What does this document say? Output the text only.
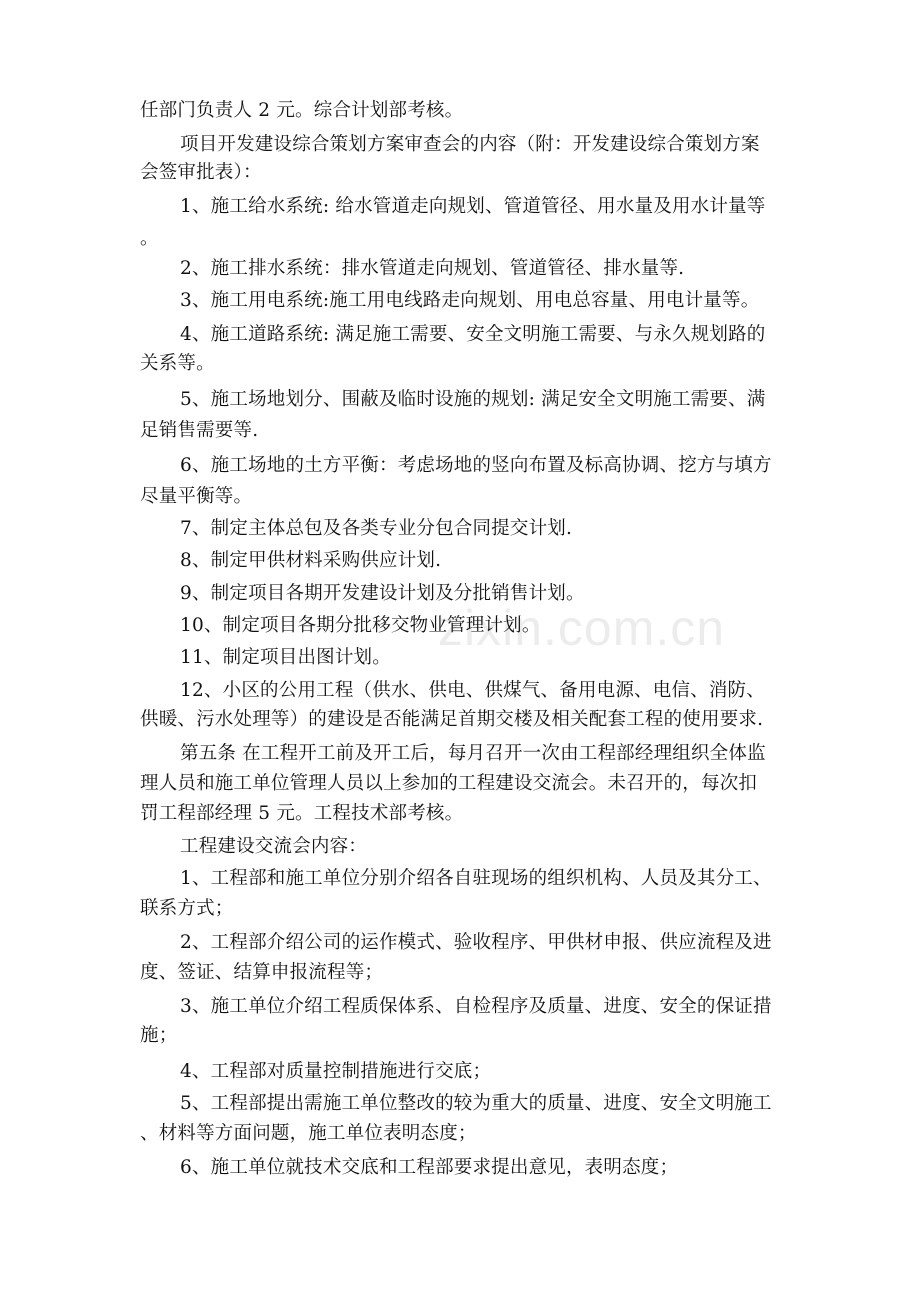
任部门负责人 2 元。综合计划部考核。
项目开发建设综合策划方案审查会的内容（附：开发建设综合策划方案
会签审批表）：
1、施工给水系统: 给水管道走向规划、管道管径、用水量及用水计量等
。
2、施工排水系统：排水管道走向规划、管道管径、排水量等.
3、施工用电系统:施工用电线路走向规划、用电总容量、用电计量等。
4、施工道路系统: 满足施工需要、安全文明施工需要、与永久规划路的
关系等。
5、施工场地划分、围蔽及临时设施的规划: 满足安全文明施工需要、满
足销售需要等.
6、施工场地的土方平衡：考虑场地的竖向布置及标高协调、挖方与填方
尽量平衡等。
7、制定主体总包及各类专业分包合同提交计划.
8、制定甲供材料采购供应计划.
9、制定项目各期开发建设计划及分批销售计划。
10、制定项目各期分批移交物业管理计划。
11、制定项目出图计划。
12、小区的公用工程（供水、供电、供煤气、备用电源、电信、消防、
供暖、污水处理等）的建设是否能满足首期交楼及相关配套工程的使用要求.
第五条 在工程开工前及开工后，每月召开一次由工程部经理组织全体监
理人员和施工单位管理人员以上参加的工程建设交流会。未召开的，每次扣
罚工程部经理 5 元。工程技术部考核。
工程建设交流会内容：
1、工程部和施工单位分别介绍各自驻现场的组织机构、人员及其分工、
联系方式；
2、工程部介绍公司的运作模式、验收程序、甲供材申报、供应流程及进
度、签证、结算申报流程等；
3、施工单位介绍工程质保体系、自检程序及质量、进度、安全的保证措
施；
4、工程部对质量控制措施进行交底；
5、工程部提出需施工单位整改的较为重大的质量、进度、安全文明施工
、材料等方面问题，施工单位表明态度；
6、施工单位就技术交底和工程部要求提出意见，表明态度；
zixin.com.cn
